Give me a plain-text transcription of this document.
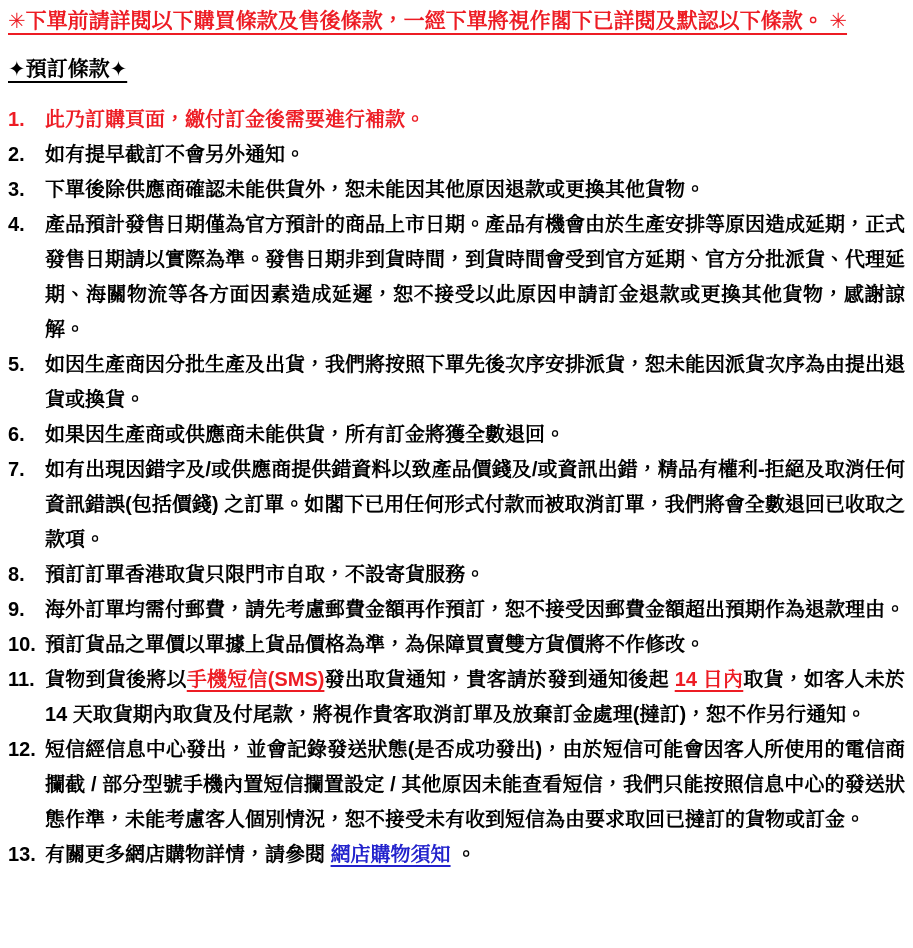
✳下單前請詳閱以下購買條款及售後條款，一經下單將視作閣下已詳閱及默認以下條款。 ✳
✦預訂條款✦
1.	此乃訂購頁面，繳付訂金後需要進行補款。
2.	如有提早截訂不會另外通知。
3.	下單後除供應商確認未能供貨外，恕未能因其他原因退款或更換其他貨物。
4.	產品預計發售日期僅為官方預計的商品上市日期。產品有機會由於生產安排等原因造成延期，正式發售日期請以實際為準。發售日期非到貨時間，到貨時間會受到官方延期、官方分批派貨、代理延期、海關物流等各方面因素造成延遲，恕不接受以此原因申請訂金退款或更換其他貨物，感謝諒解。
5.	如因生產商因分批生產及出貨，我們將按照下單先後次序安排派貨，恕未能因派貨次序為由提出退貨或換貨。
6.	如果因生產商或供應商未能供貨，所有訂金將獲全數退回。
7.	如有出現因錯字及/或供應商提供錯資料以致產品價錢及/或資訊出錯，精品有權利-拒絕及取消任何資訊錯誤(包括價錢) 之訂單。如閣下已用任何形式付款而被取消訂單，我們將會全數退回已收取之款項。
8.	預訂訂單香港取貨只限門市自取，不設寄貨服務。
9.	海外訂單均需付郵費，請先考慮郵費金額再作預訂，恕不接受因郵費金額超出預期作為退款理由。
10. 預訂貨品之單價以單據上貨品價格為準，為保障買賣雙方貨價將不作修改。
11. 貨物到貨後將以手機短信(SMS)發出取貨通知，貴客請於發到通知後起 14 日內取貨，如客人未於 14 天取貨期內取貨及付尾款，將視作貴客取消訂單及放棄訂金處理(撻訂)，恕不作另行通知。
12. 短信經信息中心發出，並會記錄發送狀態(是否成功發出)，由於短信可能會因客人所使用的電信商攔截 / 部分型號手機內置短信攔置設定 / 其他原因未能查看短信，我們只能按照信息中心的發送狀態作準，未能考慮客人個別情況，恕不接受未有收到短信為由要求取回已撻訂的貨物或訂金。
13. 有關更多網店購物詳情，請參閱 網店購物須知 。
